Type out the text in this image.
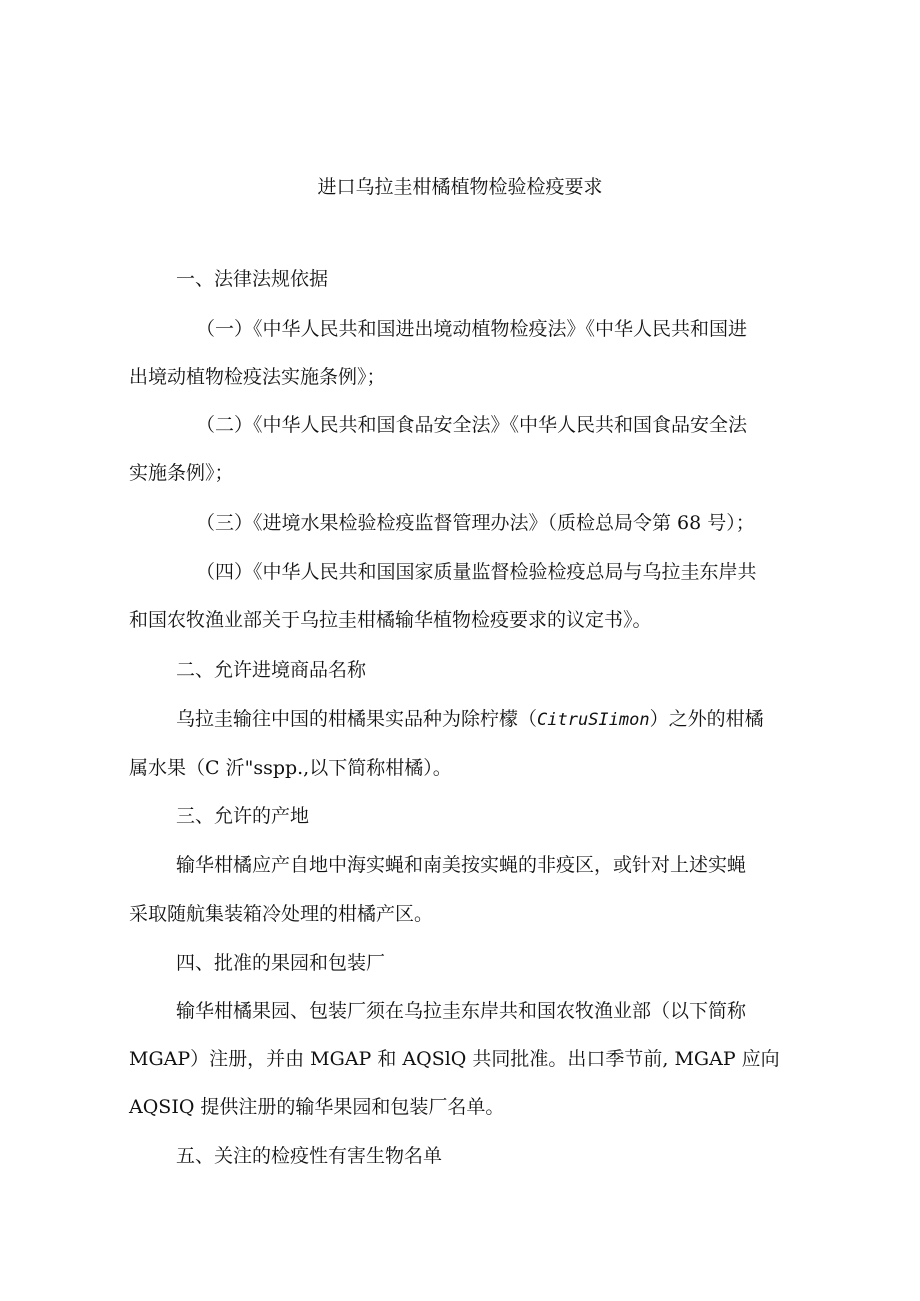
进口乌拉圭柑橘植物检验检疫要求
一、法律法规依据
（一）《中华人民共和国进出境动植物检疫法》《中华人民共和国进
出境动植物检疫法实施条例》；
（二）《中华人民共和国食品安全法》《中华人民共和国食品安全法
实施条例》；
（三）《进境水果检验检疫监督管理办法》（质检总局令第 68 号）；
（四）《中华人民共和国国家质量监督检验检疫总局与乌拉圭东岸共
和国农牧渔业部关于乌拉圭柑橘输华植物检疫要求的议定书》。
二、允许进境商品名称
乌拉圭输往中国的柑橘果实品种为除柠檬（CitruSIimon）之外的柑橘
属水果（C 沂"sspp.,以下简称柑橘）。
三、允许的产地
输华柑橘应产自地中海实蝇和南美按实蝇的非疫区，或针对上述实蝇
采取随航集装箱冷处理的柑橘产区。
四、批准的果园和包装厂
输华柑橘果园、包装厂须在乌拉圭东岸共和国农牧渔业部（以下简称
MGAP）注册，并由 MGAP 和 AQSlQ 共同批准。出口季节前, MGAP 应向
AQSIQ 提供注册的输华果园和包装厂名单。
五、关注的检疫性有害生物名单
